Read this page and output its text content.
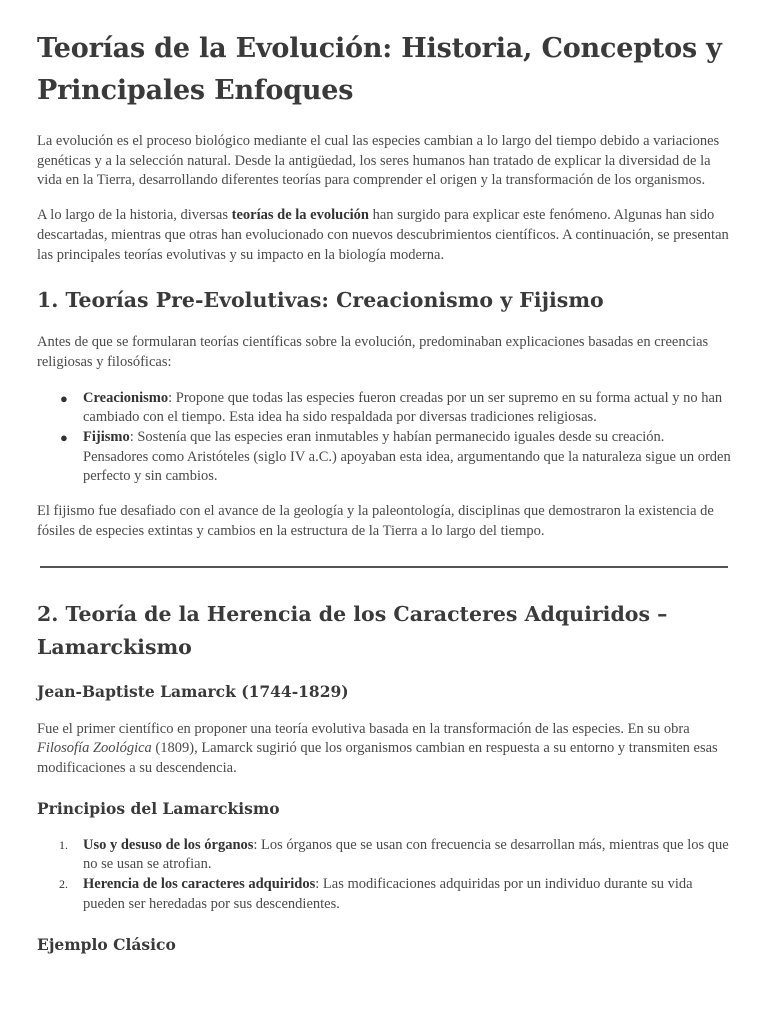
Teorías de la Evolución: Historia, Conceptos y Principales Enfoques

La evolución es el proceso biológico mediante el cual las especies cambian a lo largo del tiempo debido a variaciones genéticas y a la selección natural. Desde la antigüedad, los seres humanos han tratado de explicar la diversidad de la vida en la Tierra, desarrollando diferentes teorías para comprender el origen y la transformación de los organismos.

A lo largo de la historia, diversas teorías de la evolución han surgido para explicar este fenómeno. Algunas han sido descartadas, mientras que otras han evolucionado con nuevos descubrimientos científicos. A continuación, se presentan las principales teorías evolutivas y su impacto en la biología moderna.

1. Teorías Pre-Evolutivas: Creacionismo y Fijismo

Antes de que se formularan teorías científicas sobre la evolución, predominaban explicaciones basadas en creencias religiosas y filosóficas:

● Creacionismo: Propone que todas las especies fueron creadas por un ser supremo en su forma actual y no han cambiado con el tiempo. Esta idea ha sido respaldada por diversas tradiciones religiosas.
● Fijismo: Sostenía que las especies eran inmutables y habían permanecido iguales desde su creación. Pensadores como Aristóteles (siglo IV a.C.) apoyaban esta idea, argumentando que la naturaleza sigue un orden perfecto y sin cambios.

El fijismo fue desafiado con el avance de la geología y la paleontología, disciplinas que demostraron la existencia de fósiles de especies extintas y cambios en la estructura de la Tierra a lo largo del tiempo.

2. Teoría de la Herencia de los Caracteres Adquiridos – Lamarckismo
Jean-Baptiste Lamarck (1744-1829)

Fue el primer científico en proponer una teoría evolutiva basada en la transformación de las especies. En su obra Filosofía Zoológica (1809), Lamarck sugirió que los organismos cambian en respuesta a su entorno y transmiten esas modificaciones a su descendencia.

Principios del Lamarckismo
1. Uso y desuso de los órganos: Los órganos que se usan con frecuencia se desarrollan más, mientras que los que no se usan se atrofian.
2. Herencia de los caracteres adquiridos: Las modificaciones adquiridas por un individuo durante su vida pueden ser heredadas por sus descendientes.
Ejemplo Clásico
